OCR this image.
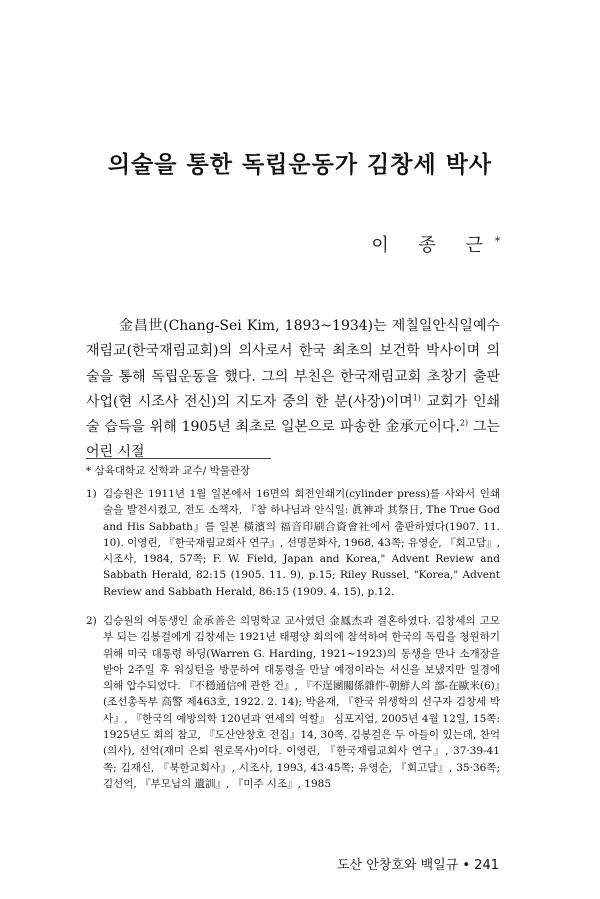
의술을 통한 독립운동가 김창세 박사
이 종 근*

金昌世(Chang-Sei Kim, 1893~1934)는 제칠일안식일예수재림교(한국재림교회)의 의사로서 한국 최초의 보건학 박사이며 의술을 통해 독립운동을 했다. 그의 부친은 한국재림교회 초창기 출판사업(현 시조사 전신)의 지도자 중의 한 분(사장)이며$^{1)}$ 교회가 인쇄술 습득을 위해 1905년 최초로 일본으로 파송한 金承元이다.$^{2)}$ 그는 어린 시절

* 삼육대학교 신학과 교수/ 박물관장

1) 김승원은 1911년 1월 일본에서 16면의 회전인쇄기(cylinder press)를 사와서 인쇄술을 발전시켰고, 전도 소책자, 『참 하나님과 안식일: 眞神과 其祭日, The True God and His Sabbath』를 일본 橫濱의 福音印刷合資會社에서 출판하였다(1907. 11. 10). 이영린, 『한국재림교회사 연구』, 선명문화사, 1968, 43쪽; 유영순, 『회고담』, 시조사, 1984, 57쪽; F. W. Field, Japan and Korea," Advent Review and Sabbath Herald, 82:15 (1905. 11. 9), p.15; Riley Russel, "Korea," Advent Review and Sabbath Herald, 86:15 (1909. 4. 15), p.12.
2) 김승원의 여동생인 金承善은 의명학교 교사였던 金鳳杰과 결혼하였다. 김창세의 고모부 되는 김봉걸에게 김창세는 1921년 태평양 회의에 참석하여 한국의 독립을 청원하기 위해 미국 대통령 하딩(Warren G. Harding, 1921~1923)의 동생을 만나 소개장을 받아 2주일 후 워싱턴을 방문하여 대통령을 만날 예정이라는 서신을 보냈지만 일경에 의해 압수되었다. 『不穩通信에 관한 건』, 『不逞團關係雜件-朝鮮人의 部-在歐米(6)』(조선총독부 高警 제463호, 1922. 2. 14); 박윤재, 『한국 위생학의 선구자 김창세 박사』, 『한국의 예방의학 120년과 연세의 역할』 심포지엄, 2005년 4월 12일, 15쪽: 1925년도 회의 참고, 『도산안창호 전집』14, 30쪽. 김봉걸은 두 아들이 있는데, 찬억(의사), 선억(재미 은퇴 원로목사)이다. 이영린, 『한국재림교회사 연구』, 37·39-41쪽; 김재신, 『북한교회사』, 시조사, 1993, 43·45쪽; 유영순, 『회고담』, 35·36쪽; 김선억, 『부모님의 遺訓』, 『미주 시조』, 1985
도산 안창호와 백일규 • 241
